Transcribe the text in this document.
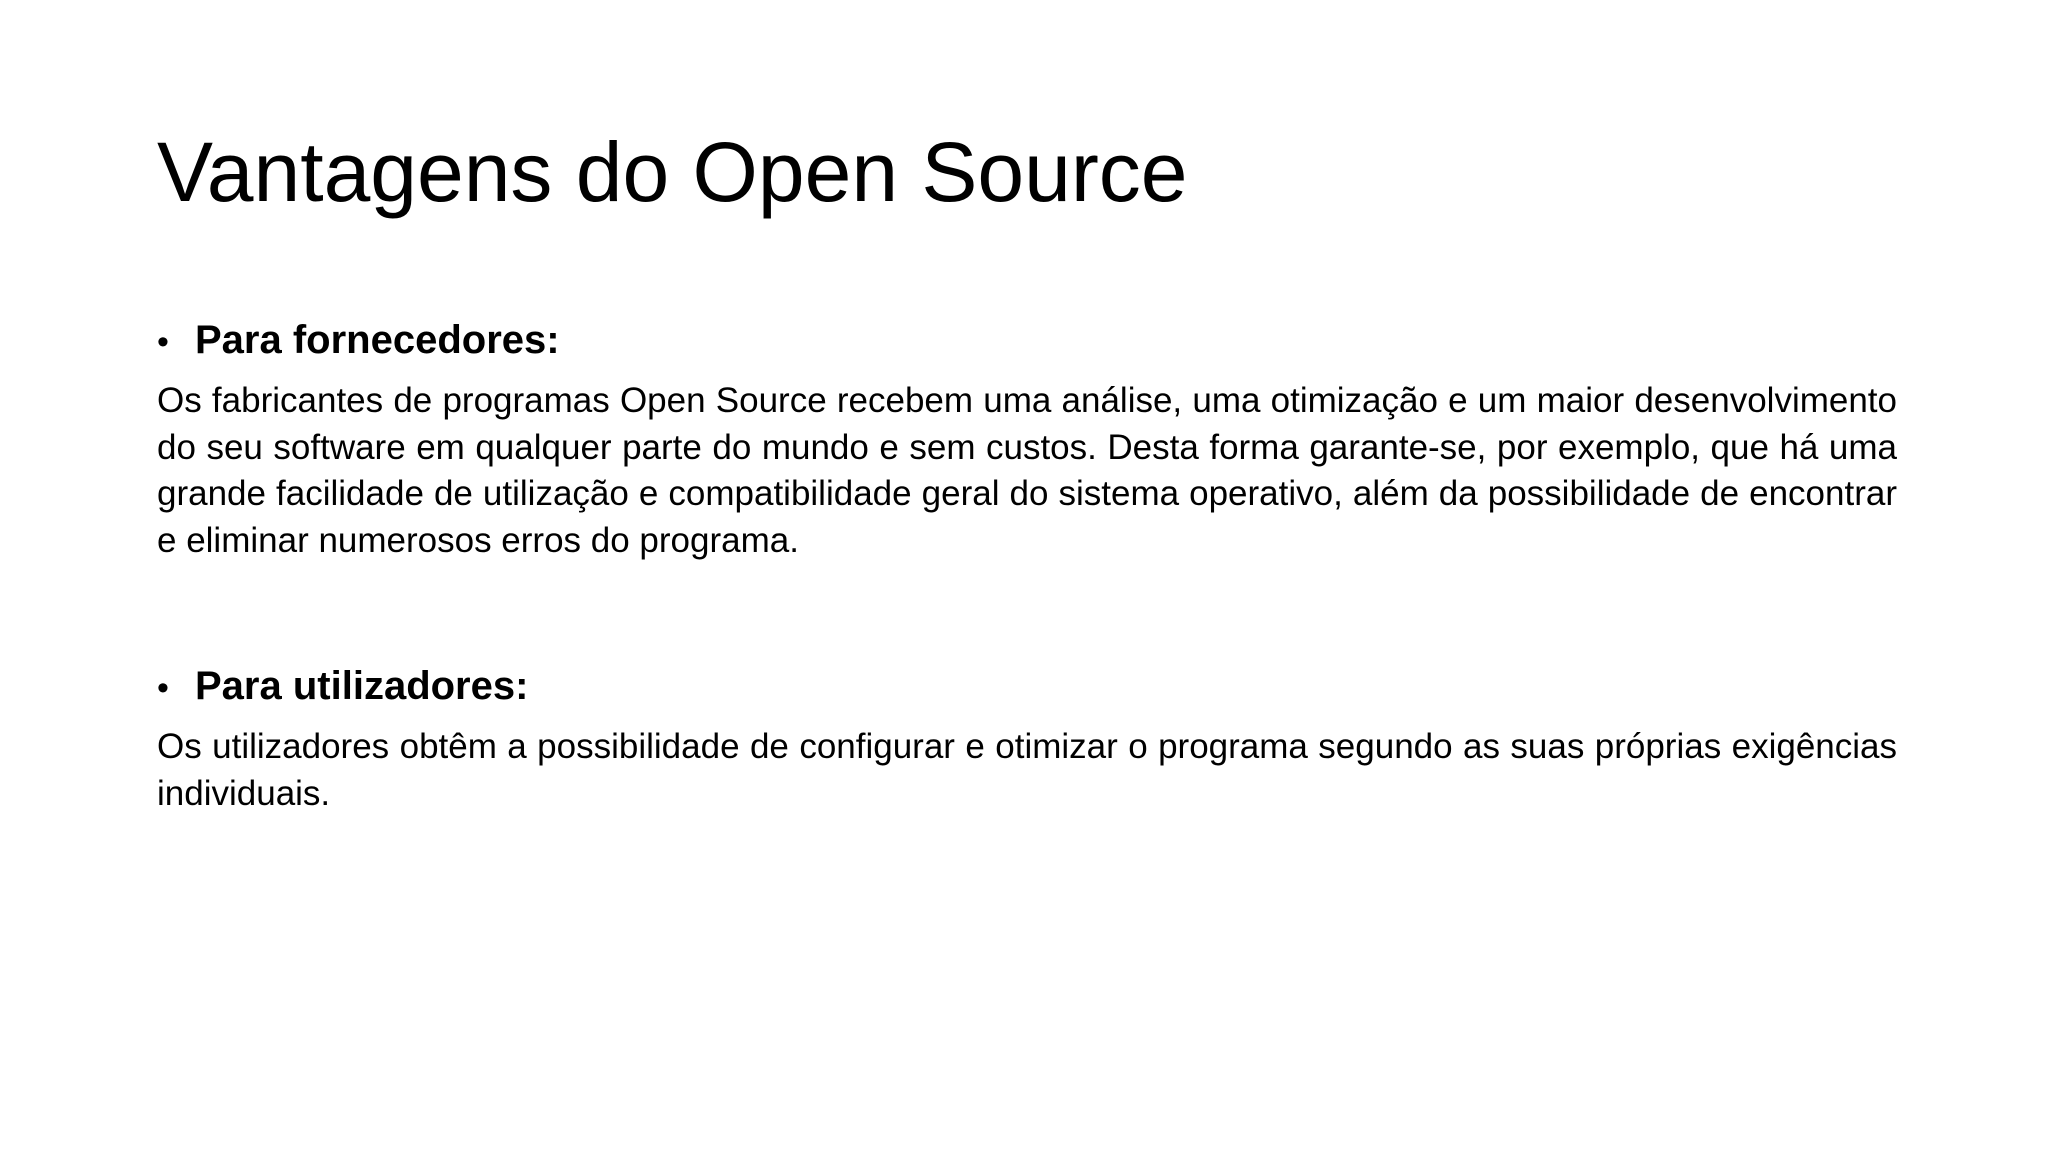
Vantagens do Open Source
• Para fornecedores:

Os fabricantes de programas Open Source recebem uma análise, uma otimização e um maior desenvolvimento do seu software em qualquer parte do mundo e sem custos. Desta forma garante-se, por exemplo, que há uma grande facilidade de utilização e compatibilidade geral do sistema operativo, além da possibilidade de encontrar e eliminar numerosos erros do programa.

• Para utilizadores:

Os utilizadores obtêm a possibilidade de configurar e otimizar o programa segundo as suas próprias exigências individuais.
